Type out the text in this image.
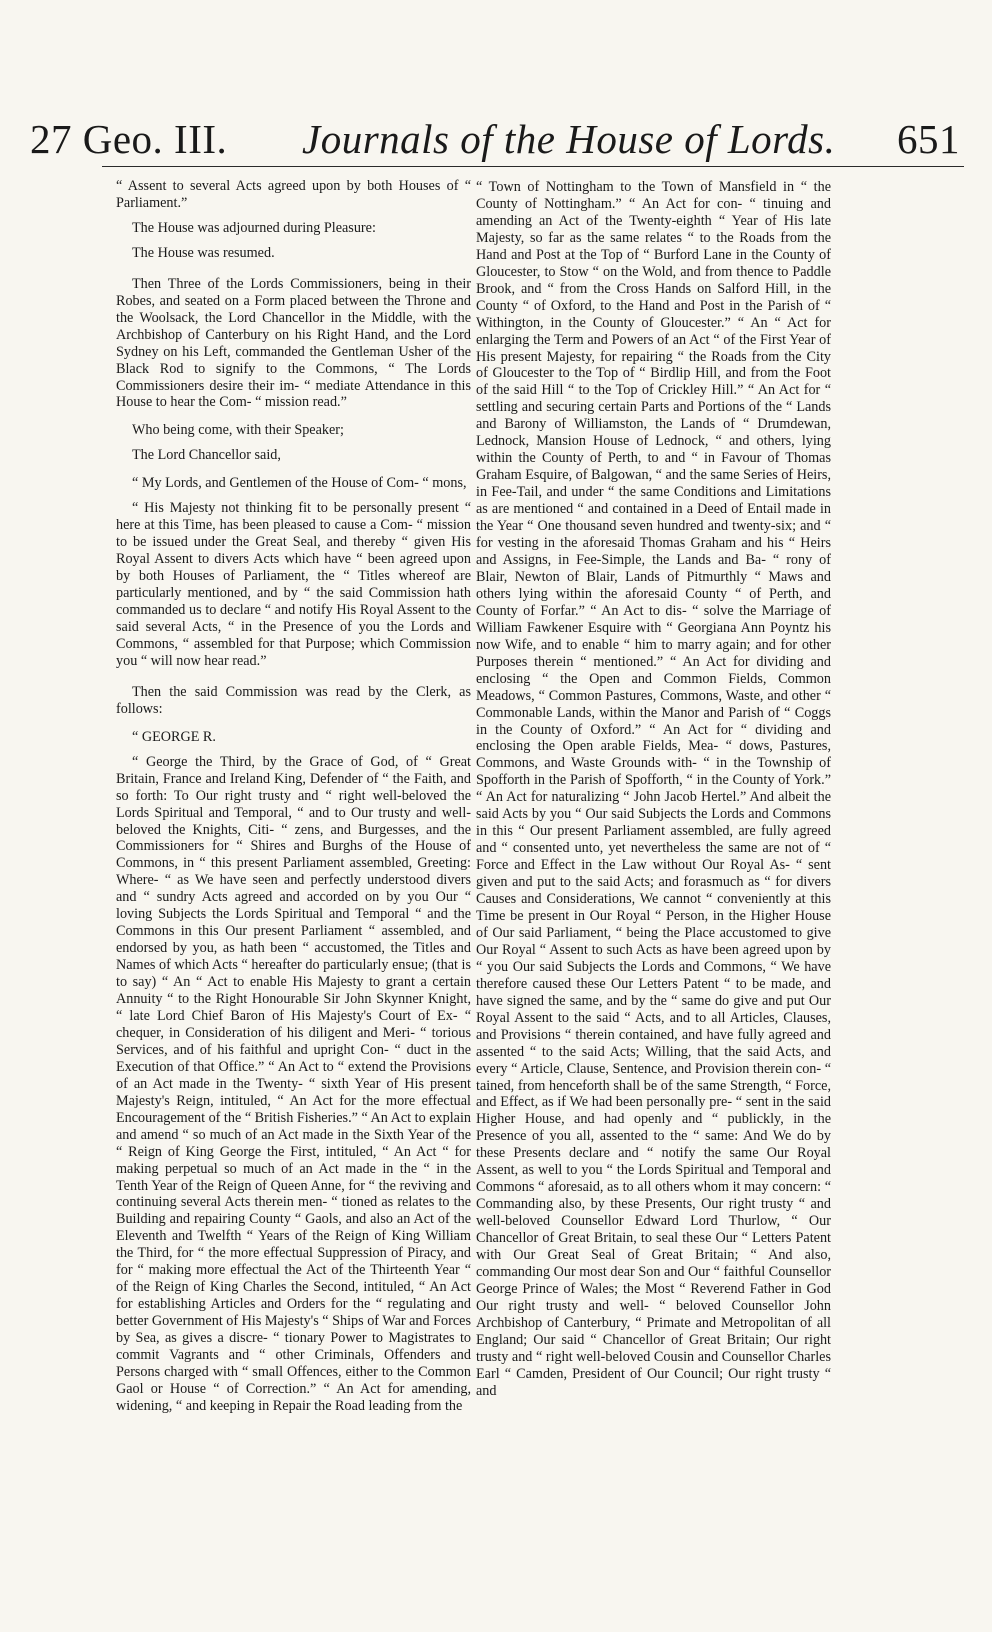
27 Geo. III. Journals of the House of Lords. 651

“ Assent to several Acts agreed upon by both Houses of “ Parliament.”

The House was adjourned during Pleasure:

The House was resumed.

Then Three of the Lords Commissioners, being in their Robes, and seated on a Form placed between the Throne and the Woolsack, the Lord Chancellor in the Middle, with the Archbishop of Canterbury on his Right Hand, and the Lord Sydney on his Left, commanded the Gentleman Usher of the Black Rod to signify to the Commons, “ The Lords Commissioners desire their im- “ mediate Attendance in this House to hear the Com- “ mission read.”

Who being come, with their Speaker;

The Lord Chancellor said,

“ My Lords, and Gentlemen of the House of Com- “ mons,

“ His Majesty not thinking fit to be personally present “ here at this Time, has been pleased to cause a Com- “ mission to be issued under the Great Seal, and thereby “ given His Royal Assent to divers Acts which have “ been agreed upon by both Houses of Parliament, the “ Titles whereof are particularly mentioned, and by “ the said Commission hath commanded us to declare “ and notify His Royal Assent to the said several Acts, “ in the Presence of you the Lords and Commons, “ assembled for that Purpose; which Commission you “ will now hear read.”

Then the said Commission was read by the Clerk, as follows:

“ GEORGE R.

“ George the Third, by the Grace of God, of “ Great Britain, France and Ireland King, Defender of “ the Faith, and so forth: To Our right trusty and “ right well-beloved the Lords Spiritual and Temporal, “ and to Our trusty and well-beloved the Knights, Citi- “ zens, and Burgesses, and the Commissioners for “ Shires and Burghs of the House of Commons, in “ this present Parliament assembled, Greeting: Where- “ as We have seen and perfectly understood divers and “ sundry Acts agreed and accorded on by you Our “ loving Subjects the Lords Spiritual and Temporal “ and the Commons in this Our present Parliament “ assembled, and endorsed by you, as hath been “ accustomed, the Titles and Names of which Acts “ hereafter do particularly ensue; (that is to say) “ An “ Act to enable His Majesty to grant a certain Annuity “ to the Right Honourable Sir John Skynner Knight, “ late Lord Chief Baron of His Majesty's Court of Ex- “ chequer, in Consideration of his diligent and Meri- “ torious Services, and of his faithful and upright Con- “ duct in the Execution of that Office.” “ An Act to “ extend the Provisions of an Act made in the Twenty- “ sixth Year of His present Majesty's Reign, intituled, “ An Act for the more effectual Encouragement of the “ British Fisheries.” “ An Act to explain and amend “ so much of an Act made in the Sixth Year of the “ Reign of King George the First, intituled, “ An Act “ for making perpetual so much of an Act made in the “ in the Tenth Year of the Reign of Queen Anne, for “ the reviving and continuing several Acts therein men- “ tioned as relates to the Building and repairing County “ Gaols, and also an Act of the Eleventh and Twelfth “ Years of the Reign of King William the Third, for “ the more effectual Suppression of Piracy, and for “ making more effectual the Act of the Thirteenth Year “ of the Reign of King Charles the Second, intituled, “ An Act for establishing Articles and Orders for the “ regulating and better Government of His Majesty's “ Ships of War and Forces by Sea, as gives a discre- “ tionary Power to Magistrates to commit Vagrants and “ other Criminals, Offenders and Persons charged with “ small Offences, either to the Common Gaol or House “ of Correction.” “ An Act for amending, widening, “ and keeping in Repair the Road leading from the

“ Town of Nottingham to the Town of Mansfield in “ the County of Nottingham.” “ An Act for con- “ tinuing and amending an Act of the Twenty-eighth “ Year of His late Majesty, so far as the same relates “ to the Roads from the Hand and Post at the Top of “ Burford Lane in the County of Gloucester, to Stow “ on the Wold, and from thence to Paddle Brook, and “ from the Cross Hands on Salford Hill, in the County “ of Oxford, to the Hand and Post in the Parish of “ Withington, in the County of Gloucester.” “ An “ Act for enlarging the Term and Powers of an Act “ of the First Year of His present Majesty, for repairing “ the Roads from the City of Gloucester to the Top of “ Birdlip Hill, and from the Foot of the said Hill “ to the Top of Crickley Hill.” “ An Act for “ settling and securing certain Parts and Portions of the “ Lands and Barony of Williamston, the Lands of “ Drumdewan, Lednock, Mansion House of Lednock, “ and others, lying within the County of Perth, to and “ in Favour of Thomas Graham Esquire, of Balgowan, “ and the same Series of Heirs, in Fee-Tail, and under “ the same Conditions and Limitations as are mentioned “ and contained in a Deed of Entail made in the Year “ One thousand seven hundred and twenty-six; and “ for vesting in the aforesaid Thomas Graham and his “ Heirs and Assigns, in Fee-Simple, the Lands and Ba- “ rony of Blair, Newton of Blair, Lands of Pitmurthly “ Maws and others lying within the aforesaid County “ of Perth, and County of Forfar.” “ An Act to dis- “ solve the Marriage of William Fawkener Esquire with “ Georgiana Ann Poyntz his now Wife, and to enable “ him to marry again; and for other Purposes therein “ mentioned.” “ An Act for dividing and enclosing “ the Open and Common Fields, Common Meadows, “ Common Pastures, Commons, Waste, and other “ Commonable Lands, within the Manor and Parish of “ Coggs in the County of Oxford.” “ An Act for “ dividing and enclosing the Open arable Fields, Mea- “ dows, Pastures, Commons, and Waste Grounds with- “ in the Township of Spofforth in the Parish of Spofforth, “ in the County of York.” “ An Act for naturalizing “ John Jacob Hertel.” And albeit the said Acts by you “ Our said Subjects the Lords and Commons in this “ Our present Parliament assembled, are fully agreed and “ consented unto, yet nevertheless the same are not of “ Force and Effect in the Law without Our Royal As- “ sent given and put to the said Acts; and forasmuch as “ for divers Causes and Considerations, We cannot “ conveniently at this Time be present in Our Royal “ Person, in the Higher House of Our said Parliament, “ being the Place accustomed to give Our Royal “ Assent to such Acts as have been agreed upon by “ you Our said Subjects the Lords and Commons, “ We have therefore caused these Our Letters Patent “ to be made, and have signed the same, and by the “ same do give and put Our Royal Assent to the said “ Acts, and to all Articles, Clauses, and Provisions “ therein contained, and have fully agreed and assented “ to the said Acts; Willing, that the said Acts, and every “ Article, Clause, Sentence, and Provision therein con- “ tained, from henceforth shall be of the same Strength, “ Force, and Effect, as if We had been personally pre- “ sent in the said Higher House, and had openly and “ publickly, in the Presence of you all, assented to the “ same: And We do by these Presents declare and “ notify the same Our Royal Assent, as well to you “ the Lords Spiritual and Temporal and Commons “ aforesaid, as to all others whom it may concern: “ Commanding also, by these Presents, Our right trusty “ and well-beloved Counsellor Edward Lord Thurlow, “ Our Chancellor of Great Britain, to seal these Our “ Letters Patent with Our Great Seal of Great Britain; “ And also, commanding Our most dear Son and Our “ faithful Counsellor George Prince of Wales; the Most “ Reverend Father in God Our right trusty and well- “ beloved Counsellor John Archbishop of Canterbury, “ Primate and Metropolitan of all England; Our said “ Chancellor of Great Britain; Our right trusty and “ right well-beloved Cousin and Counsellor Charles Earl “ Camden, President of Our Council; Our right trusty “ and
